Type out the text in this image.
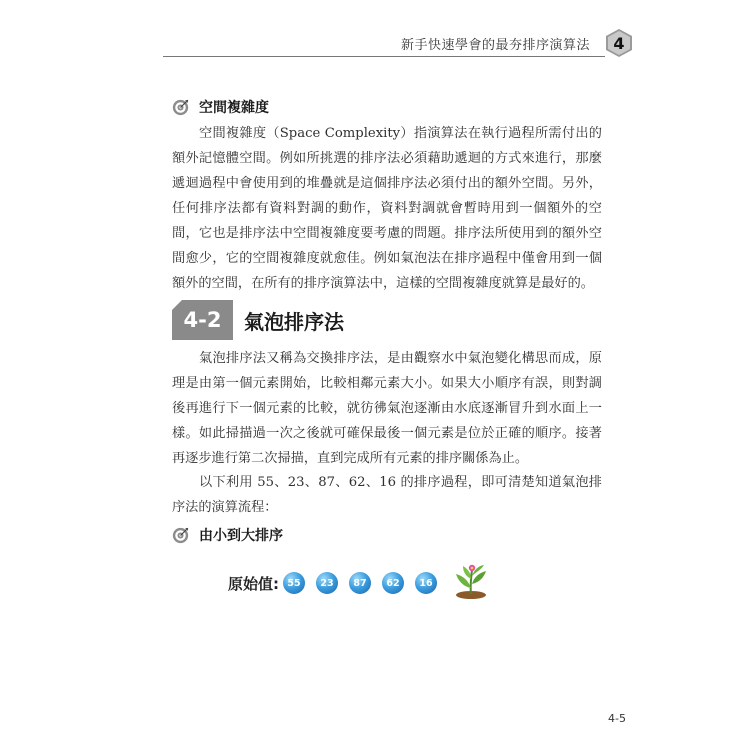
新手快速學會的最夯排序演算法	4
空間複雜度

空間複雜度（Space Complexity）指演算法在執行過程所需付出的額外記憶體空間。例如所挑選的排序法必須藉助遞迴的方式來進行，那麼遞迴過程中會使用到的堆疊就是這個排序法必須付出的額外空間。另外，任何排序法都有資料對調的動作，資料對調就會暫時用到一個額外的空間，它也是排序法中空間複雜度要考慮的問題。排序法所使用到的額外空間愈少，它的空間複雜度就愈佳。例如氣泡法在排序過程中僅會用到一個額外的空間，在所有的排序演算法中，這樣的空間複雜度就算是最好的。

4-2 氣泡排序法

氣泡排序法又稱為交換排序法，是由觀察水中氣泡變化構思而成，原理是由第一個元素開始，比較相鄰元素大小。如果大小順序有誤，則對調後再進行下一個元素的比較，就彷彿氣泡逐漸由水底逐漸冒升到水面上一樣。如此掃描過一次之後就可確保最後一個元素是位於正確的順序。接著再逐步進行第二次掃描，直到完成所有元素的排序關係為止。

以下利用 55、23、87、62、16 的排序過程，即可清楚知道氣泡排序法的演算流程：

由小到大排序
原始值: 55 23 87 62 16
4-5
